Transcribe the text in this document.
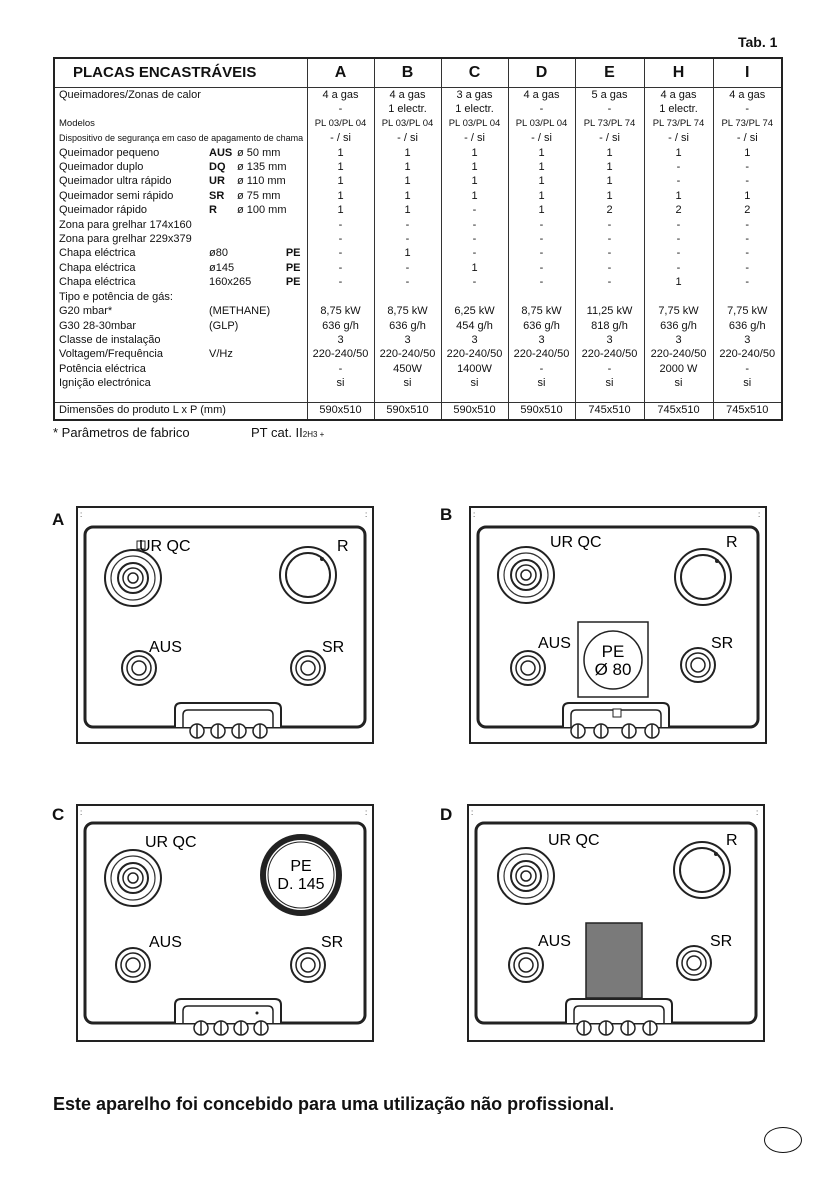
Tab. 1
PLACAS ENCASTRÁVEIS	A	B	C	D	E	H	I
Queimadores/Zonas de calor	4 a gas	4 a gas	3 a gas	4 a gas	5 a gas	4 a gas	4 a gas
	-	1 electr.	1 electr.	-	-	1 electr.	-
Modelos	PL 03/PL 04	PL 03/PL 04	PL 03/PL 04	PL 03/PL 04	PL 73/PL 74	PL 73/PL 74	PL 73/PL 74
Dispositivo de segurança em caso de apagamento de chama	- / si	- / si	- / si	- / si	- / si	- / si	- / si
Queimador pequeno AUS ø 50 mm	1	1	1	1	1	1	1
Queimador duplo DQ ø 135 mm	1	1	1	1	1	-	-
Queimador ultra rápido UR ø 110 mm	1	1	1	1	1	-	-
Queimador semi rápido SR ø 75 mm	1	1	1	1	1	1	1
Queimador rápido R ø 100 mm	1	1	-	1	2	2	2
Zona para grelhar 174x160	-	-	-	-	-	-	-
Zona para grelhar 229x379	-	-	-	-	-	-	-
Chapa eléctrica ø80 PE	-	1	-	-	-	-	-
Chapa eléctrica ø145 PE	-	-	1	-	-	-	-
Chapa eléctrica 160x265 PE	-	-	-	-	-	1	-
Tipo e potência de gás:							
G20 mbar* (METHANE)	8,75 kW	8,75 kW	6,25 kW	8,75 kW	11,25 kW	7,75 kW	7,75 kW
G30 28-30mbar (GLP)	636 g/h	636 g/h	454 g/h	636 g/h	818 g/h	636 g/h	636 g/h
Classe de instalação	3	3	3	3	3	3	3
Voltagem/Frequência V/Hz	220-240/50	220-240/50	220-240/50	220-240/50	220-240/50	220-240/50	220-240/50
Potência eléctrica	-	450W	1400W	-	-	2000 W	-
Ignição electrónica	si	si	si	si	si	si	si

Dimensões do produto L x P (mm)	590x510	590x510	590x510	590x510	745x510	745x510	745x510
* Parâmetros de fabrico	PT cat. II2H3 +
A :	:
UR QC	R
AUS	SR
B	:	:
UR QC	R
AUS	SR
PE
Ø 80
C :	:
UR QC
AUS	SR
PE
D. 145
D :	:
UR QC	R
AUS	SR
Este aparelho foi concebido para uma utilização não profissional.
